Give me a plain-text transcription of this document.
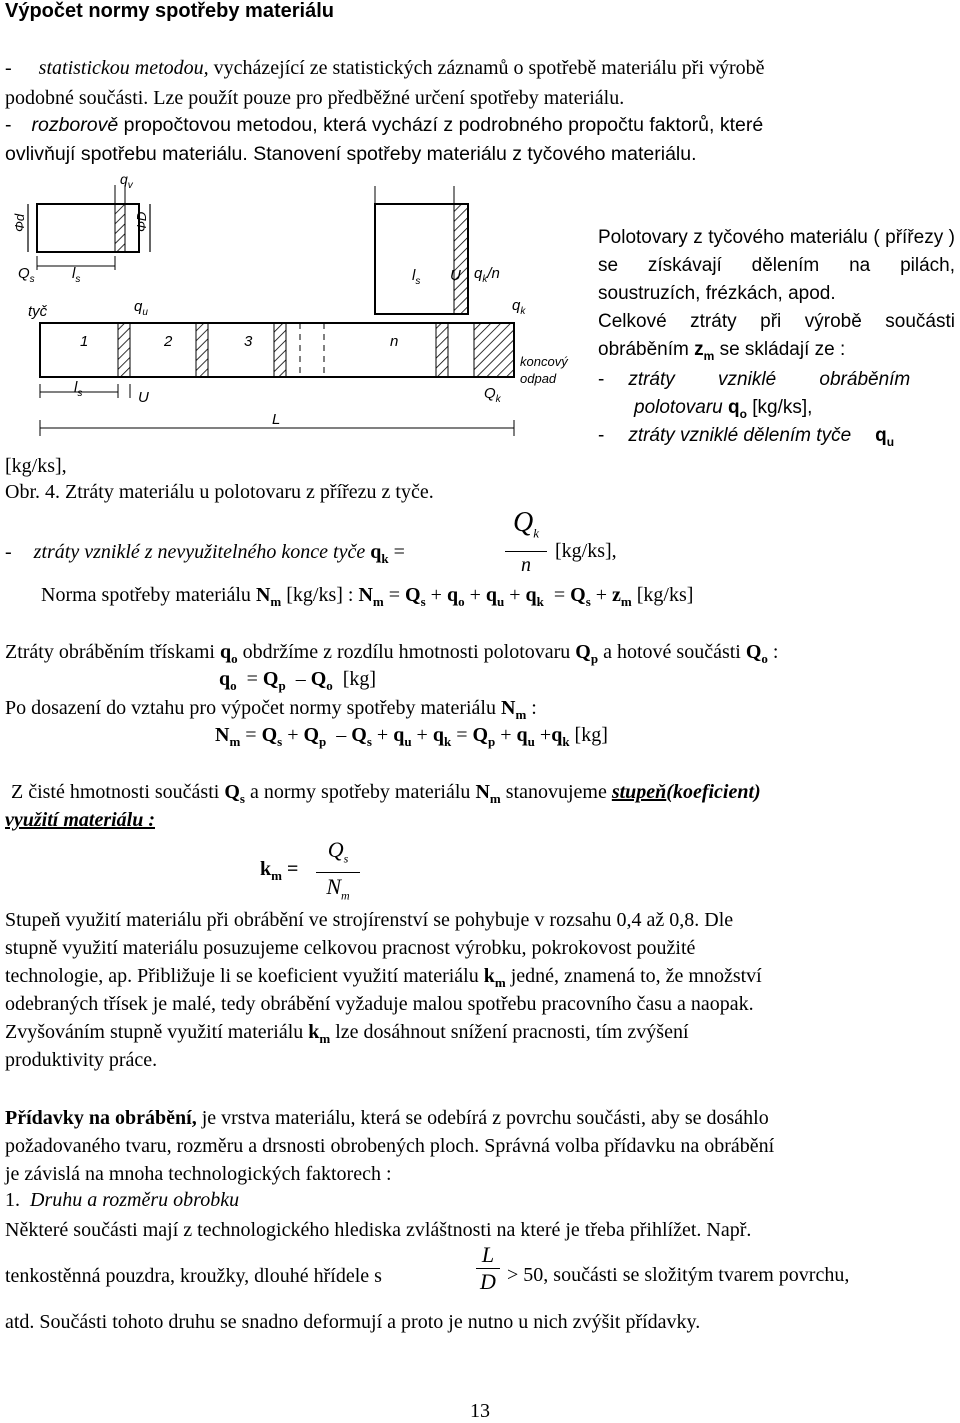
Výpočet normy spotřeby materiálu
- statistickou metodou, vycházející ze statistických záznamů o spotřebě materiálu při výrobě
podobné součásti. Lze použít pouze pro předběžné určení spotřeby materiálu.
- rozborově propočtovou metodou, která vychází z podrobného propočtu faktorů, které
ovlivňují spotřebu materiálu. Stanovení spotřeby materiálu z tyčového materiálu.
$q_v$
Φd	ΦD
$Q_s$ $l_s$
tyč	$q_u$
$l_s$ U $q_k/n$
$q_k$
1	2	3	n
$l_s$	U
L
koncový
odpad
$Q_k$
Polotovary z tyčového materiálu ( přířezy ) se získávají dělením na pilách, soustruzích, frézkách, apod.
Celkové ztráty při výrobě součásti obráběním $z_m$ se skládají ze :
- ztráty vzniklé obráběním
polotovaru $q_o$ [kg/ks],
- ztráty vzniklé dělením tyče $q_u$
[kg/ks],
Obr. 4. Ztráty materiálu u polotovaru z přířezu z tyče.
- ztráty vzniklé z nevyužitelného konce tyče $q_k$ =
$Q_k$
n
[kg/ks],
Norma spotřeby materiálu $N_m$ [kg/ks] : $N_m = Q_s + q_o + q_u + q_k = Q_s + z_m$ [kg/ks]
Ztráty obráběním třískami $q_o$ obdržíme z rozdílu hmotnosti polotovaru $Q_p$ a hotové součásti $Q_o$ :
$q_o = Q_p - Q_o$  [kg]
Po dosazení do vztahu pro výpočet normy spotřeby materiálu $N_m$ :
$N_m = Q_s + Q_p - Q_s + q_u + q_k = Q_p + q_u +q_k$ [kg]
Z čisté hmotnosti součásti $Q_s$ a normy spotřeby materiálu $N_m$ stanovujeme stupeň(koeficient)
využití materiálu :
$k_m$ =
$Q_s$
$N_m$
Stupeň využití materiálu při obrábění ve strojírenství se pohybuje v rozsahu 0,4 až 0,8. Dle
stupně využití materiálu posuzujeme celkovou pracnost výrobku, pokrokovost použité
technologie, ap. Přibližuje li se koeficient využití materiálu $k_m$ jedné, znamená to, že množství
odebraných třísek je malé, tedy obrábění vyžaduje malou spotřebu pracovního času a naopak.
Zvyšováním stupně využití materiálu $k_m$ lze dosáhnout snížení pracnosti, tím zvýšení
produktivity práce.
Přídavky na obrábění, je vrstva materiálu, která se odebírá z povrchu součásti, aby se dosáhlo
požadovaného tvaru, rozměru a drsnosti obrobených ploch. Správná volba přídavku na obrábění
je závislá na mnoha technologických faktorech :
1. Druhu a rozměru obrobku
Některé součásti mají z technologického hlediska zvláštnosti na které je třeba přihlížet. Např.
tenkostěnná pouzdra, kroužky, dlouhé hřídele s
L
D > 50, součásti se složitým tvarem povrchu,
atd. Součásti tohoto druhu se snadno deformují a proto je nutno u nich zvýšit přídavky.
13
